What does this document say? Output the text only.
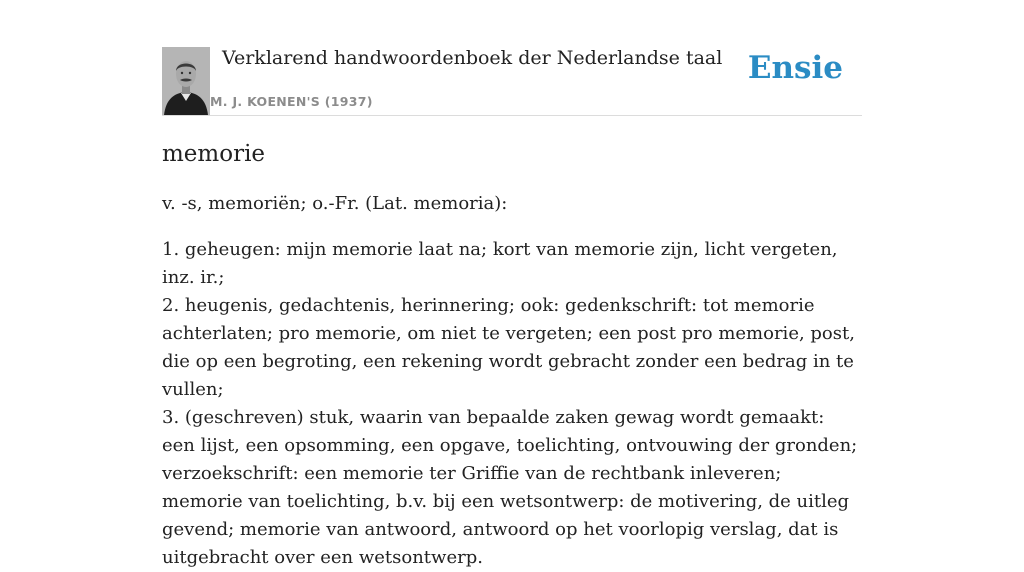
Verklarend handwoordenboek der Nederlandse taal
M. J. KOENEN'S (1937)
Ensie
memorie

v. -s, memoriën; o.-Fr. (Lat. memoria):

1. geheugen: mijn memorie laat na; kort van memorie zijn, licht vergeten, inz. ir.;
2. heugenis, gedachtenis, herinnering; ook: gedenkschrift: tot memorie achterlaten; pro memorie, om niet te vergeten; een post pro memorie, post, die op een begroting, een rekening wordt gebracht zonder een bedrag in te vullen;
3. (geschreven) stuk, waarin van bepaalde zaken gewag wordt gemaakt: een lijst, een opsomming, een opgave, toelichting, ontvouwing der gronden; verzoekschrift: een memorie ter Griffie van de rechtbank inleveren; memorie van toelichting, b.v. bij een wetsontwerp: de motivering, de uitleg gevend; memorie van antwoord, antwoord op het voorlopig verslag, dat is uitgebracht over een wetsontwerp.
